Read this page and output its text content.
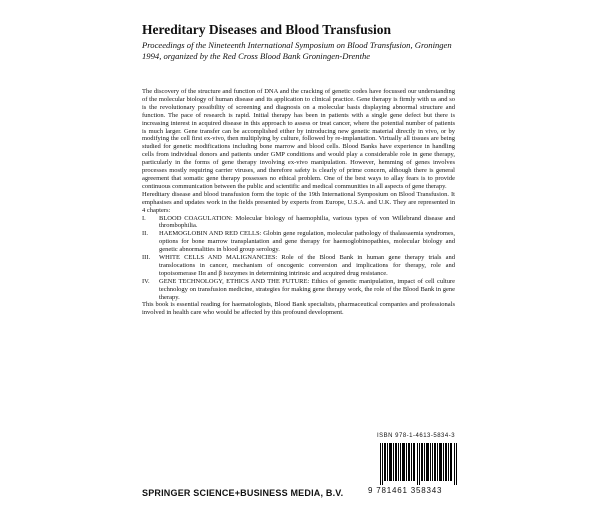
Hereditary Diseases and Blood Transfusion
Proceedings of the Nineteenth International Symposium on Blood Transfusion, Groningen 1994, organized by the Red Cross Blood Bank Groningen-Drenthe

The discovery of the structure and function of DNA and the cracking of genetic codes have focussed our understanding of the molecular biology of human disease and its application to clinical practice. Gene therapy is firmly with us and so is the revolutionary possibility of screening and diagnosis on a molecular basis displaying abnormal structure and function. The pace of research is rapid. Initial therapy has been in patients with a single gene defect but there is increasing interest in acquired disease in this approach to assess or treat cancer, where the potential number of patients is much larger. Gene transfer can be accomplished either by introducing new genetic material directly in vivo, or by modifying the cell first ex-vivo, then multiplying by culture, followed by re-implantation. Virtually all tissues are being studied for genetic modifications including bone marrow and blood cells. Blood Banks have experience in handling cells from individual donors and patients under GMP conditions and would play a considerable role in gene therapy, particularly in the forms of gene therapy involving ex-vivo manipulation. However, hemming of genes involves processes mostly requiring carrier viruses, and therefore safety is clearly of prime concern, although there is general agreement that somatic gene therapy possesses no ethical problem. One of the best ways to allay fears is to provide continuous communication between the public and scientific and medical communities in all aspects of gene therapy.

Hereditary disease and blood transfusion form the topic of the 19th International Symposium on Blood Transfusion. It emphasises and updates work in the fields presented by experts from Europe, U.S.A. and U.K. They are represented in 4 chapters:

I. BLOOD COAGULATION: Molecular biology of haemophilia, various types of von Willebrand disease and thrombophilia.
II. HAEMOGLOBIN AND RED CELLS: Globin gene regulation, molecular pathology of thalassaemia syndromes, options for bone marrow transplantation and gene therapy for haemoglobinopathies, molecular biology and genetic abnormalities in blood group serology.
III. WHITE CELLS AND MALIGNANCIES: Role of the Blood Bank in human gene therapy trials and translocations in cancer, mechanism of oncogenic conversion and implications for therapy, role and topoisomerase IIα and β isozymes in determining intrinsic and acquired drug resistance.
IV. GENE TECHNOLOGY, ETHICS AND THE FUTURE: Ethics of genetic manipulation, impact of cell culture technology on transfusion medicine, strategies for making gene therapy work, the role of the Blood Bank in gene therapy.

This book is essential reading for haematologists, Blood Bank specialists, pharmaceutical companies and professionals involved in health care who would be affected by this profound development.

ISBN 978-1-4613-5834-3
9 781461 358343
SPRINGER SCIENCE+BUSINESS MEDIA, B.V.
